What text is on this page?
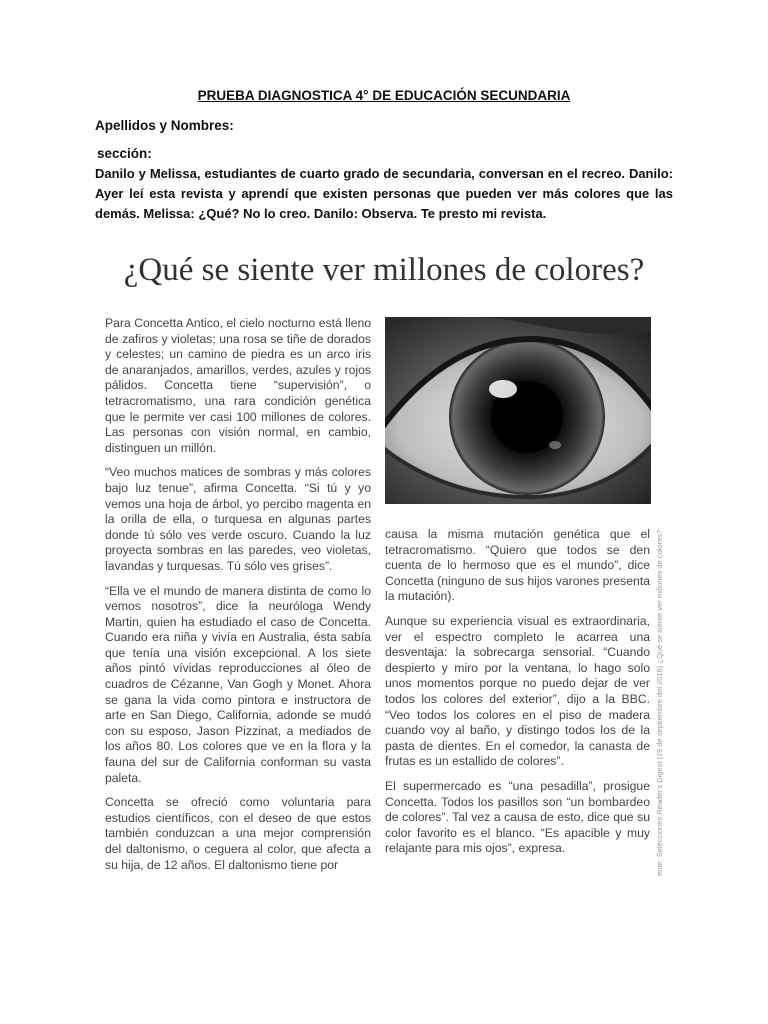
PRUEBA DIAGNOSTICA 4° DE EDUCACIÓN SECUNDARIA
Apellidos y Nombres:
sección:
Danilo y Melissa, estudiantes de cuarto grado de secundaria, conversan en el recreo. Danilo: Ayer leí esta revista y aprendí que existen personas que pueden ver más colores que las demás. Melissa: ¿Qué? No lo creo. Danilo: Observa. Te presto mi revista.
¿Qué se siente ver millones de colores?

Para Concetta Antico, el cielo nocturno está lleno de zafiros y violetas; una rosa se tiñe de dorados y celestes; un camino de piedra es un arco iris de anaranjados, amarillos, verdes, azules y rojos pálidos. Concetta tiene “supervisión”, o tetracromatismo, una rara condición genética que le permite ver casi 100 millones de colores. Las personas con visión normal, en cambio, distinguen un millón.

“Veo muchos matices de sombras y más colores bajo luz tenue”, afirma Concetta. “Si tú y yo vemos una hoja de árbol, yo percibo magenta en la orilla de ella, o turquesa en algunas partes donde tú sólo ves verde oscuro. Cuando la luz proyecta sombras en las paredes, veo violetas, lavandas y turquesas. Tú sólo ves grises”.

“Ella ve el mundo de manera distinta de como lo vemos nosotros”, dice la neuróloga Wendy Martin, quien ha estudiado el caso de Concetta. Cuando era niña y vivía en Australia, ésta sabía que tenía una visión excepcional. A los siete años pintó vívidas reproducciones al óleo de cuadros de Cézanne, Van Gogh y Monet. Ahora se gana la vida como pintora e instructora de arte en San Diego, California, adonde se mudó con su esposo, Jason Pizzinat, a mediados de los años 80. Los colores que ve en la flora y la fauna del sur de California conforman su vasta paleta.

Concetta se ofreció como voluntaria para estudios científicos, con el deseo de que estos también conduzcan a una mejor comprensión del daltonismo, o ceguera al color, que afecta a su hija, de 12 años. El daltonismo tiene por

causa la misma mutación genética que el tetracromatismo. “Quiero que todos se den cuenta de lo hermoso que es el mundo”, dice Concetta (ninguno de sus hijos varones presenta la mutación).

Aunque su experiencia visual es extraordinaria, ver el espectro completo le acarrea una desventaja: la sobrecarga sensorial. “Cuando despierto y miro por la ventana, lo hago solo unos momentos porque no puedo dejar de ver todos los colores del exterior”, dijo a la BBC. “Veo todos los colores en el piso de madera cuando voy al baño, y distingo todos los de la pasta de dientes. En el comedor, la canasta de frutas es un estallido de colores”.

El supermercado es “una pesadilla”, prosigue Concetta. Todos los pasillos son “un bombardeo de colores”. Tal vez a causa de esto, dice que su color favorito es el blanco. “Es apacible y muy relajante para mis ojos”, expresa.	ente: Selecciones Reader's Digest (19 de septiembre del 2016) ¿Qué se siente ver millones de colores?
